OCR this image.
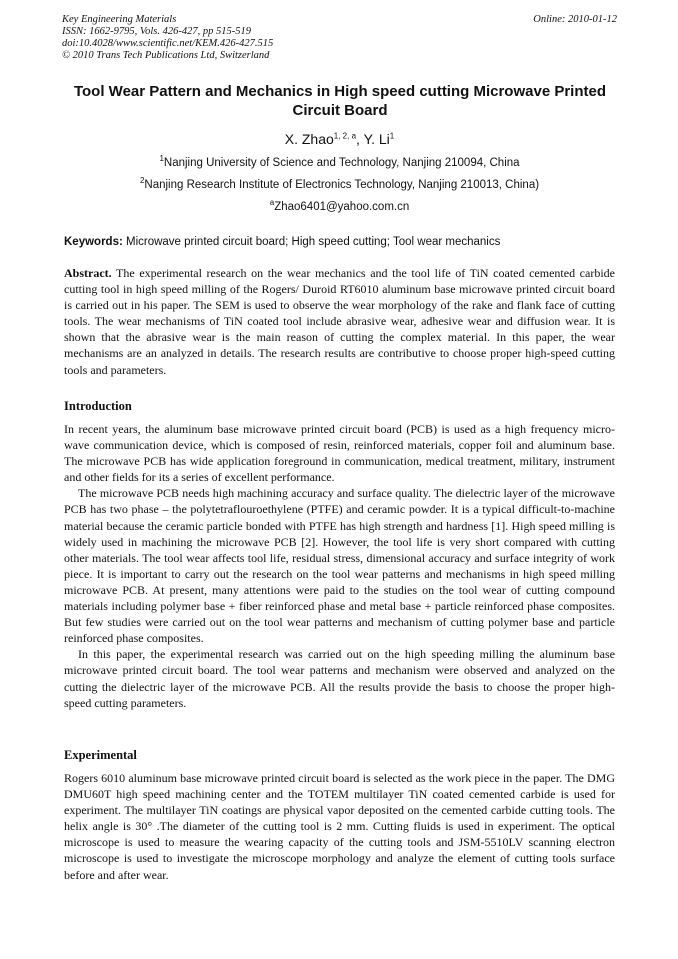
Key Engineering Materials
ISSN: 1662-9795, Vols. 426-427, pp 515-519
doi:10.4028/www.scientific.net/KEM.426-427.515
© 2010 Trans Tech Publications Ltd, Switzerland
Online: 2010-01-12
Tool Wear Pattern and Mechanics in High speed cutting Microwave Printed Circuit Board
X. Zhao$^{1, 2, a}$, Y. Li$^1$
$^1$Nanjing University of Science and Technology, Nanjing 210094, China
$^2$Nanjing Research Institute of Electronics Technology, Nanjing 210013, China)
$^a$Zhao6401@yahoo.com.cn
Keywords: Microwave printed circuit board; High speed cutting; Tool wear mechanics

Abstract. The experimental research on the wear mechanics and the tool life of TiN coated cemented carbide cutting tool in high speed milling of the Rogers/ Duroid RT6010 aluminum base microwave printed circuit board is carried out in his paper. The SEM is used to observe the wear morphology of the rake and flank face of cutting tools. The wear mechanisms of TiN coated tool include abrasive wear, adhesive wear and diffusion wear. It is shown that the abrasive wear is the main reason of cutting the complex material. In this paper, the wear mechanisms are an analyzed in details. The research results are contributive to choose proper high-speed cutting tools and parameters.

Introduction

In recent years, the aluminum base microwave printed circuit board (PCB) is used as a high frequency micro-wave communication device, which is composed of resin, reinforced materials, copper foil and aluminum base. The microwave PCB has wide application foreground in communication, medical treatment, military, instrument and other fields for its a series of excellent performance.

The microwave PCB needs high machining accuracy and surface quality. The dielectric layer of the microwave PCB has two phase – the polytetraflouroethylene (PTFE) and ceramic powder. It is a typical difficult-to-machine material because the ceramic particle bonded with PTFE has high strength and hardness [1]. High speed milling is widely used in machining the microwave PCB [2]. However, the tool life is very short compared with cutting other materials. The tool wear affects tool life, residual stress, dimensional accuracy and surface integrity of work piece. It is important to carry out the research on the tool wear patterns and mechanisms in high speed milling microwave PCB. At present, many attentions were paid to the studies on the tool wear of cutting compound materials including polymer base + fiber reinforced phase and metal base + particle reinforced phase composites. But few studies were carried out on the tool wear patterns and mechanism of cutting polymer base and particle reinforced phase composites.

In this paper, the experimental research was carried out on the high speeding milling the aluminum base microwave printed circuit board. The tool wear patterns and mechanism were observed and analyzed on the cutting the dielectric layer of the microwave PCB. All the results provide the basis to choose the proper high-speed cutting parameters.

Experimental

Rogers 6010 aluminum base microwave printed circuit board is selected as the work piece in the paper. The DMG DMU60T high speed machining center and the TOTEM multilayer TiN coated cemented carbide is used for experiment. The multilayer TiN coatings are physical vapor deposited on the cemented carbide cutting tools. The helix angle is 30° .The diameter of the cutting tool is 2 mm. Cutting fluids is used in experiment. The optical microscope is used to measure the wearing capacity of the cutting tools and JSM-5510LV scanning electron microscope is used to investigate the microscope morphology and analyze the element of cutting tools surface before and after wear.
